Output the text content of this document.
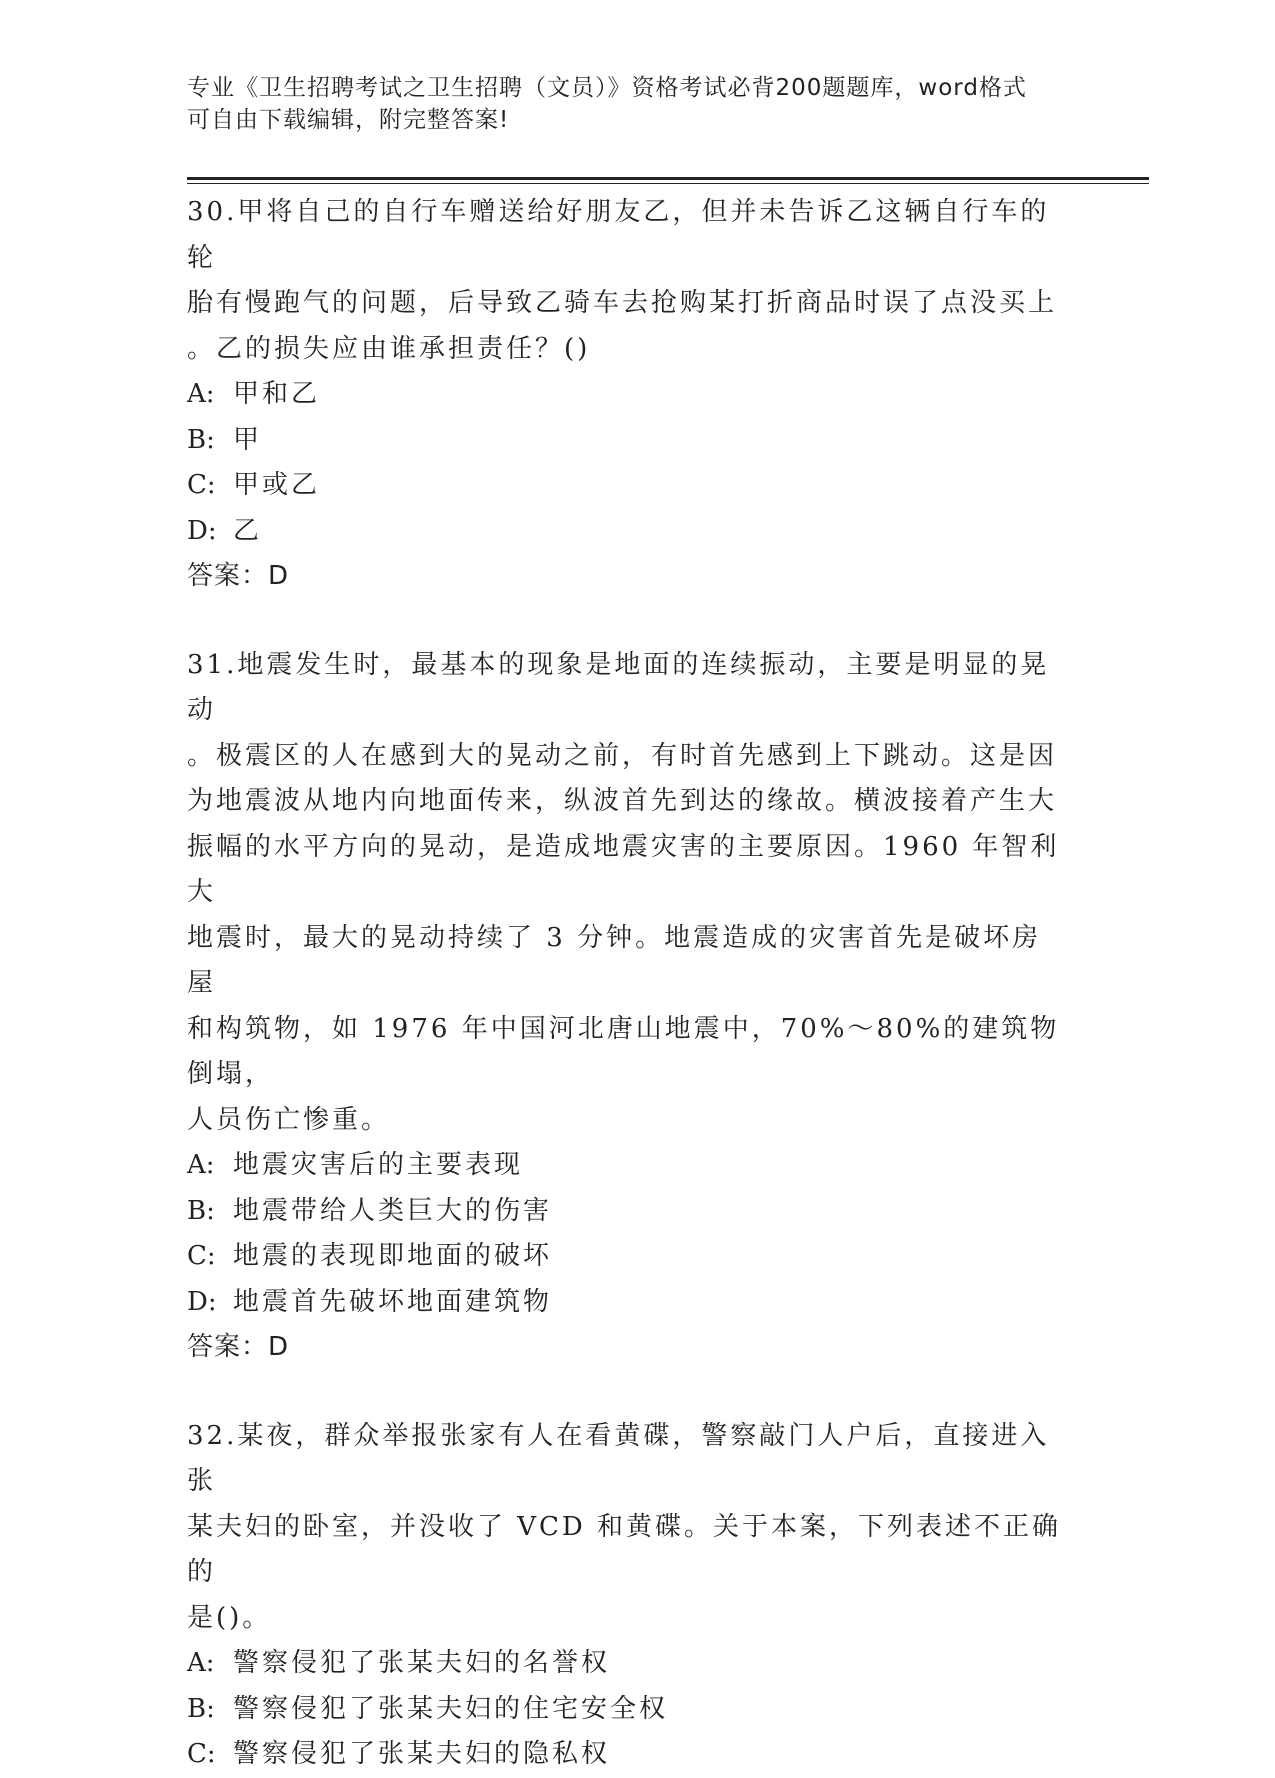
专业《卫生招聘考试之卫生招聘（文员）》资格考试必背200题题库，word格式
可自由下载编辑，附完整答案!

30.甲将自己的自行车赠送给好朋友乙，但并未告诉乙这辆自行车的轮

胎有慢跑气的问题，后导致乙骑车去抢购某打折商品时误了点没买上

。乙的损失应由谁承担责任？()

A: 甲和乙

B: 甲

C: 甲或乙

D: 乙

答案：D

31.地震发生时，最基本的现象是地面的连续振动，主要是明显的晃动

。极震区的人在感到大的晃动之前，有时首先感到上下跳动。这是因

为地震波从地内向地面传来，纵波首先到达的缘故。横波接着产生大

振幅的水平方向的晃动，是造成地震灾害的主要原因。1960 年智利大

地震时，最大的晃动持续了 3 分钟。地震造成的灾害首先是破坏房屋

和构筑物，如 1976 年中国河北唐山地震中，70%～80%的建筑物倒塌，

人员伤亡惨重。

A: 地震灾害后的主要表现

B: 地震带给人类巨大的伤害

C: 地震的表现即地面的破坏

D: 地震首先破坏地面建筑物

答案：D

32.某夜，群众举报张家有人在看黄碟，警察敲门人户后，直接进入张

某夫妇的卧室，并没收了 VCD 和黄碟。关于本案，下列表述不正确的

是()。

A: 警察侵犯了张某夫妇的名誉权

B: 警察侵犯了张某夫妇的住宅安全权

C: 警察侵犯了张某夫妇的隐私权
